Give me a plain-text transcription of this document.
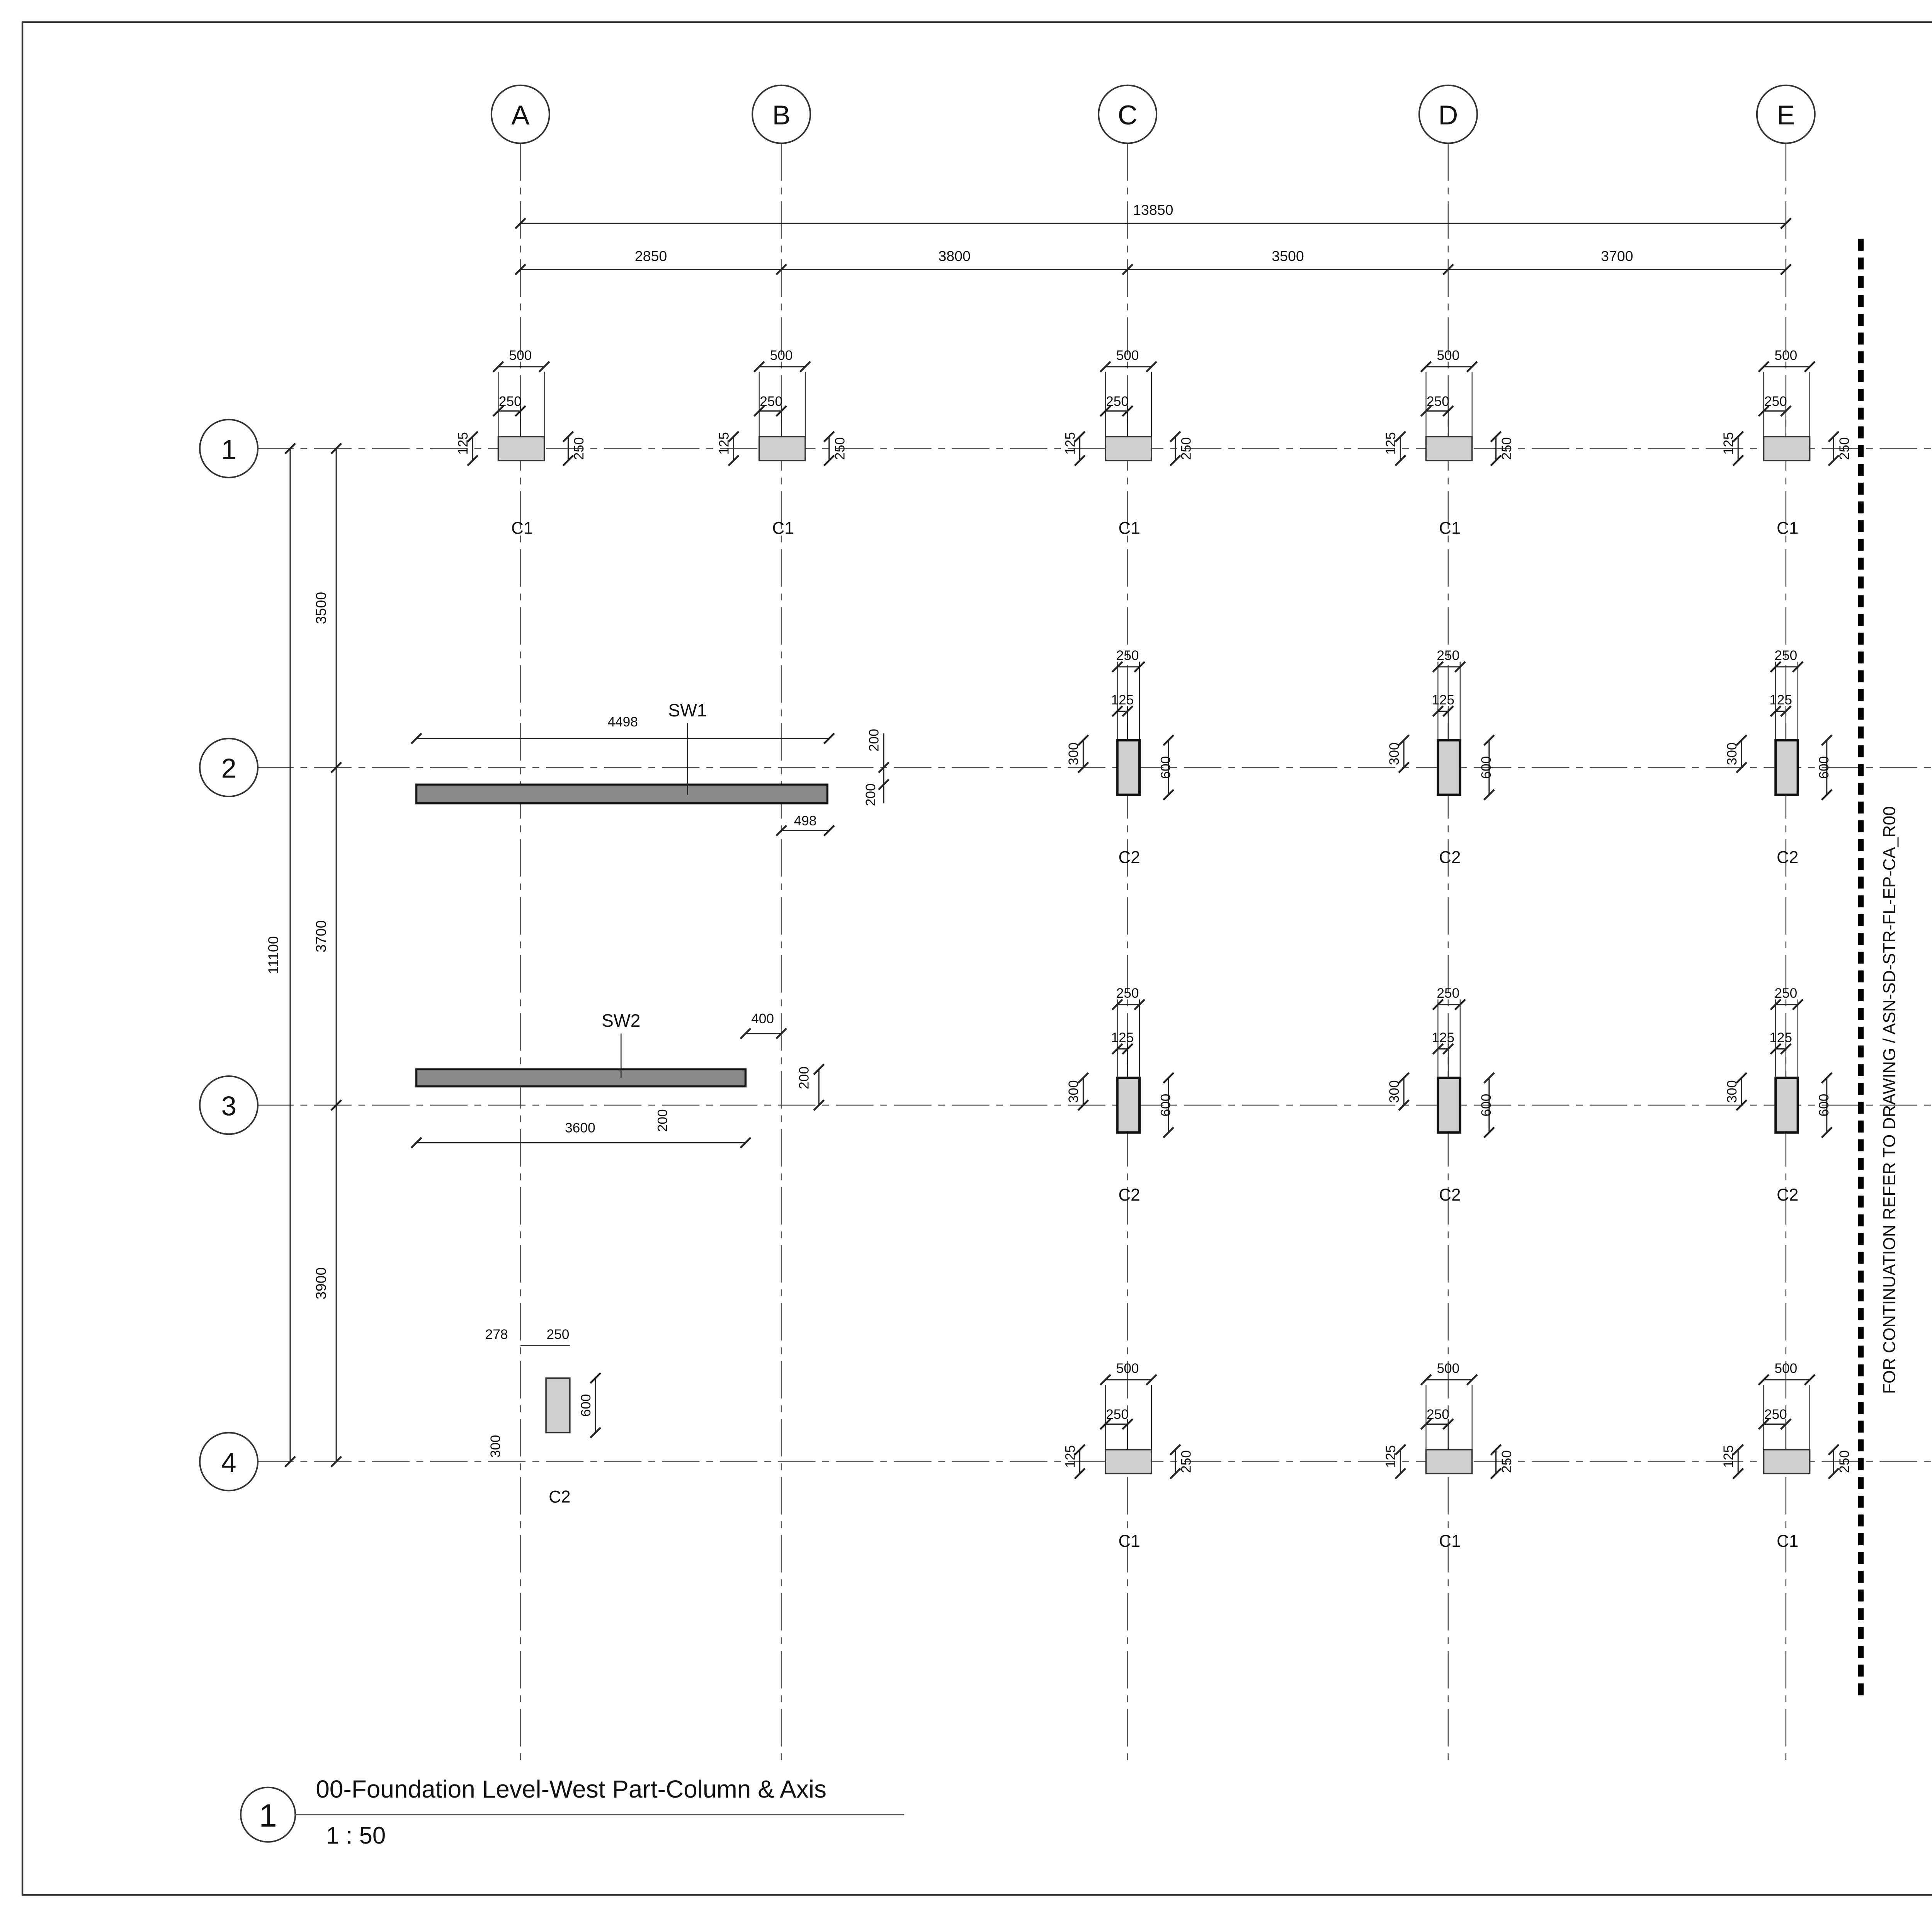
A	B	C	D	E
1
2
3
4
13850
2850	3800	3500	3700
11100
3500
3700
3900
500
250
125	250
C1
500
250
125	250
C1
500
250
125	250
C1
500
250
125	250
C1
500
250
125	250
C1
250
125
300
600
C2
250
125
300
600
C2
250
125
300
600
C2
250
125
300
600
C2
250
125
300
600
C2
250
125
300
600
C2
500
250
125	250
C1
500
250
125	250
C1
500
250
125	250
C1
278	250
600
300
C2
4498
SW1
200
200
498
SW2	400
200
3600	200	FOR CONTINUATION REFER TO DRAWING / ASN-SD-STR-FL-EP-CA_R00
1
00-Foundation Level-West Part-Column & Axis
1 : 50
